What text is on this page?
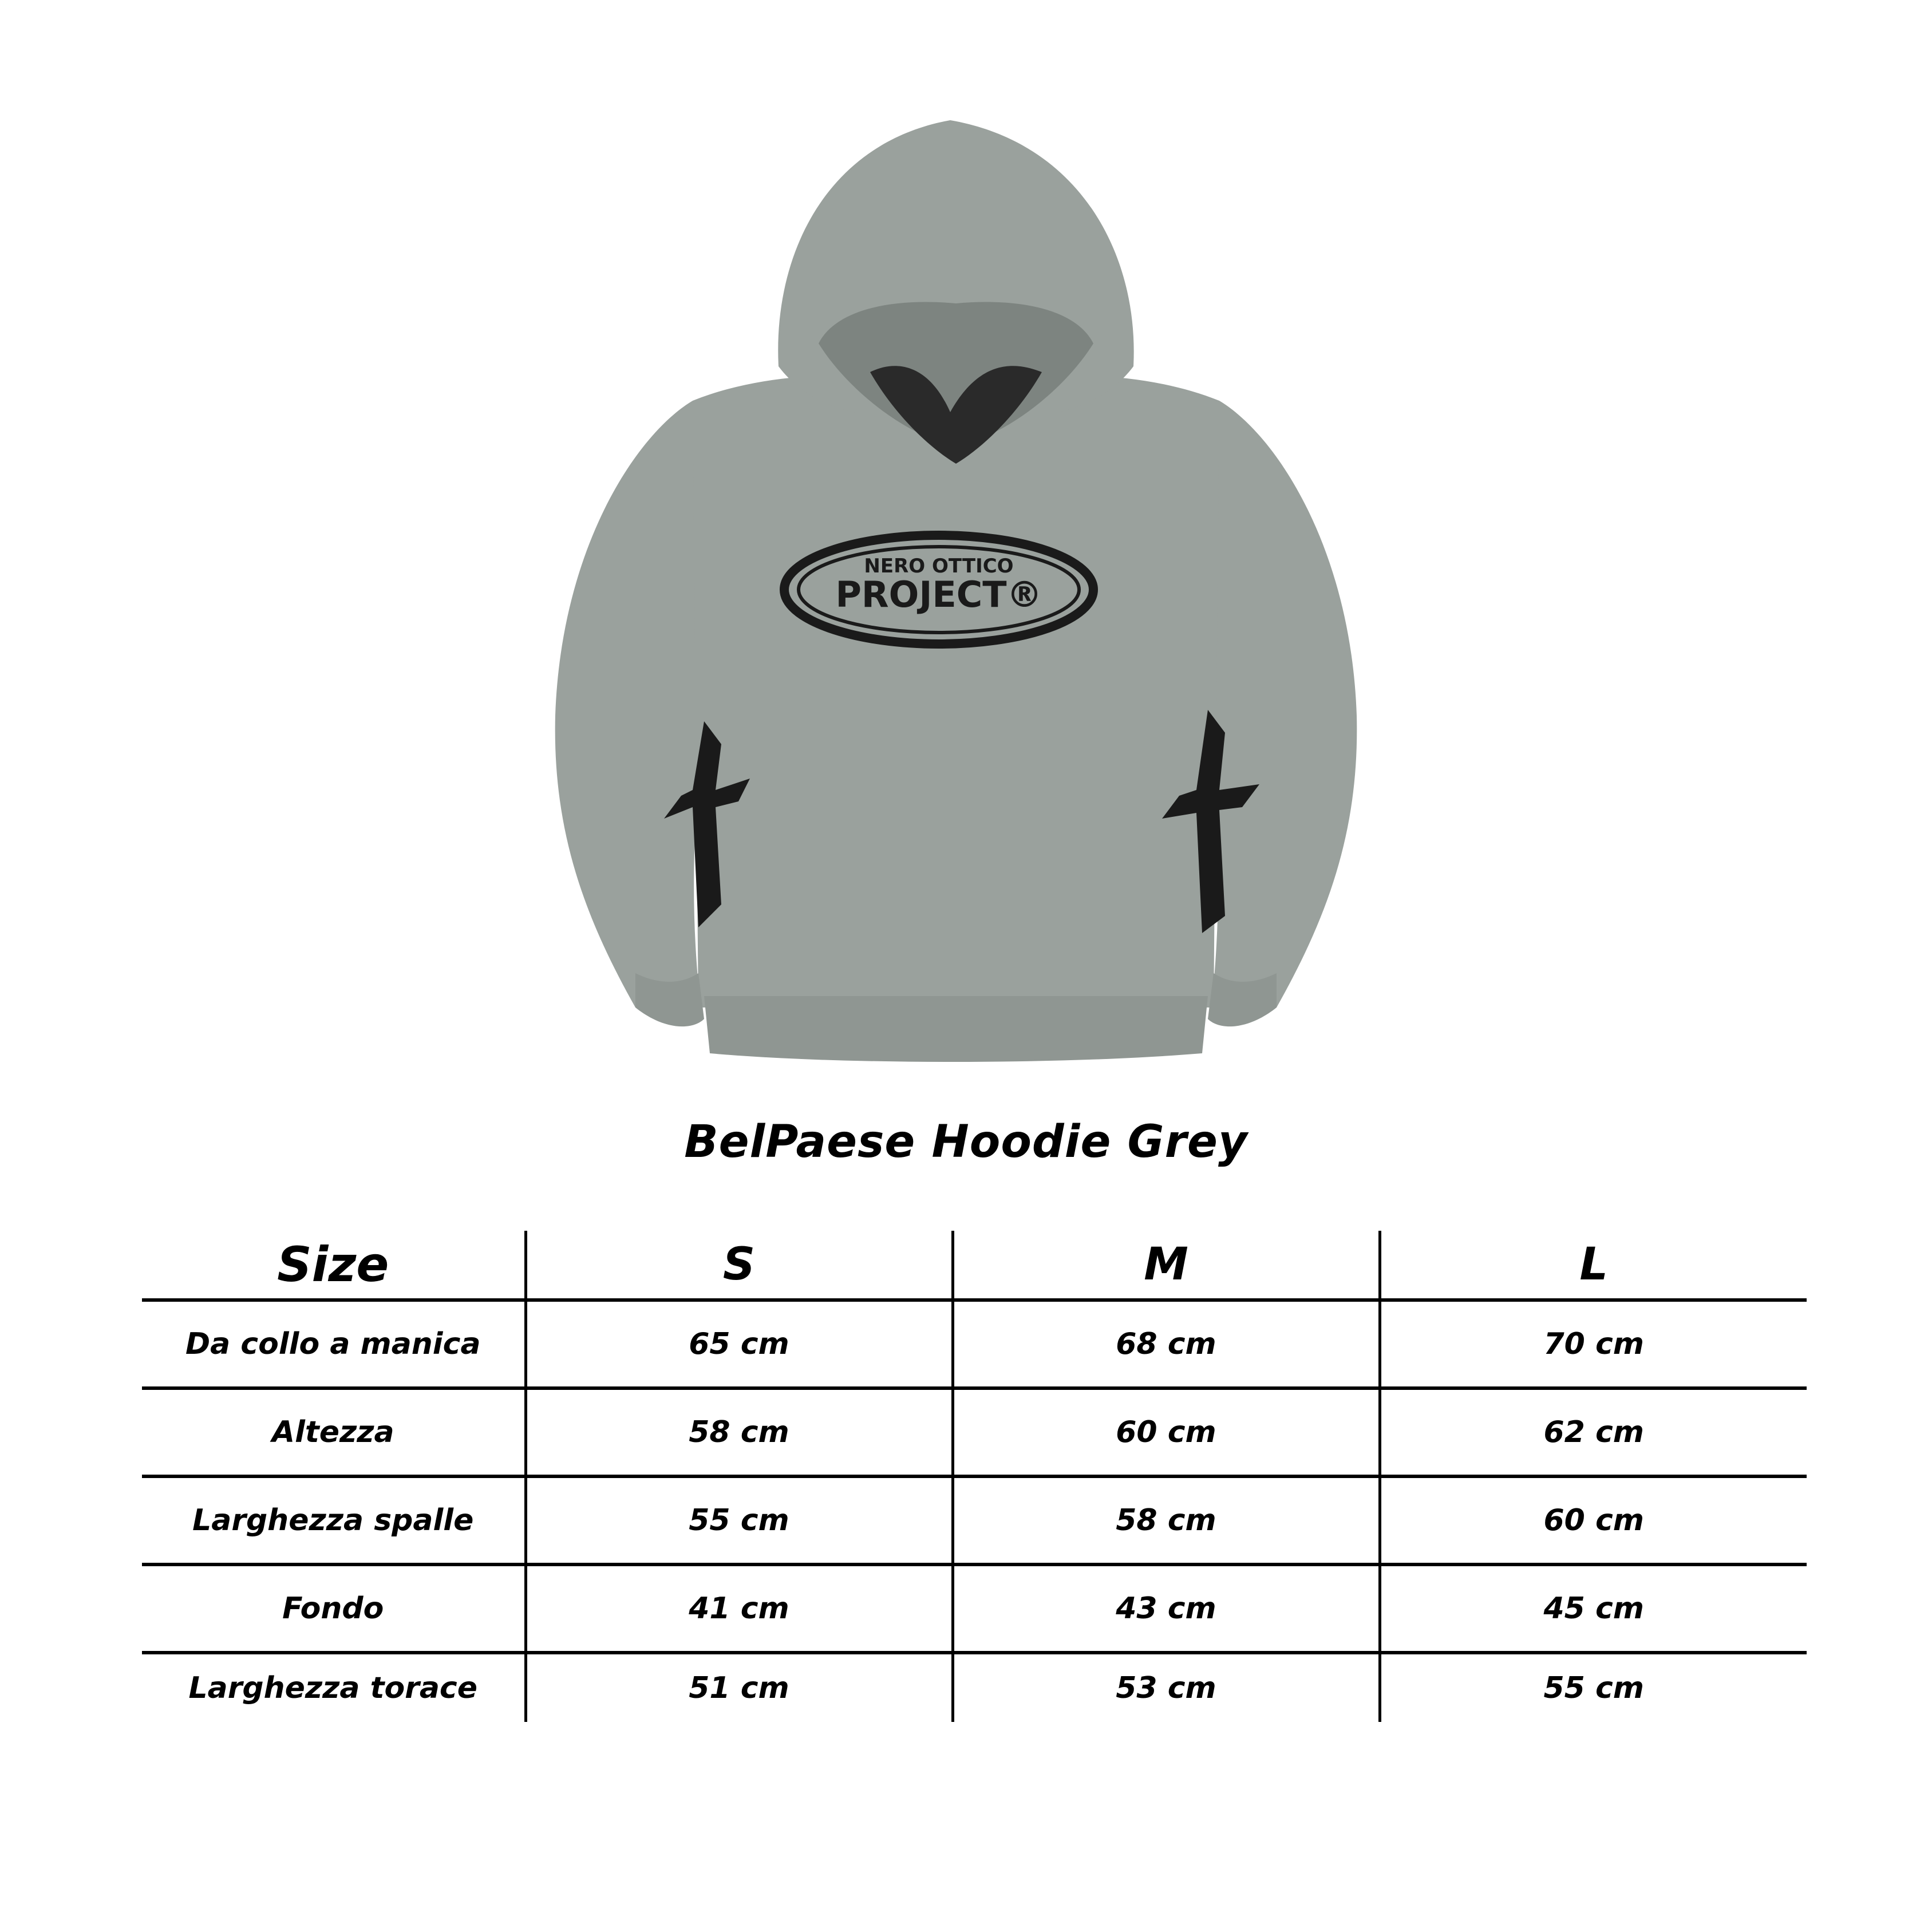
NERO OTTICO
PROJECT®
BelPaese Hoodie Grey
Size	S	M	L
Da collo a manica	65 cm	68 cm	70 cm
Altezza	58 cm	60 cm	62 cm
Larghezza spalle	55 cm	58 cm	60 cm
Fondo	41 cm	43 cm	45 cm
Larghezza torace	51 cm	53 cm	55 cm
